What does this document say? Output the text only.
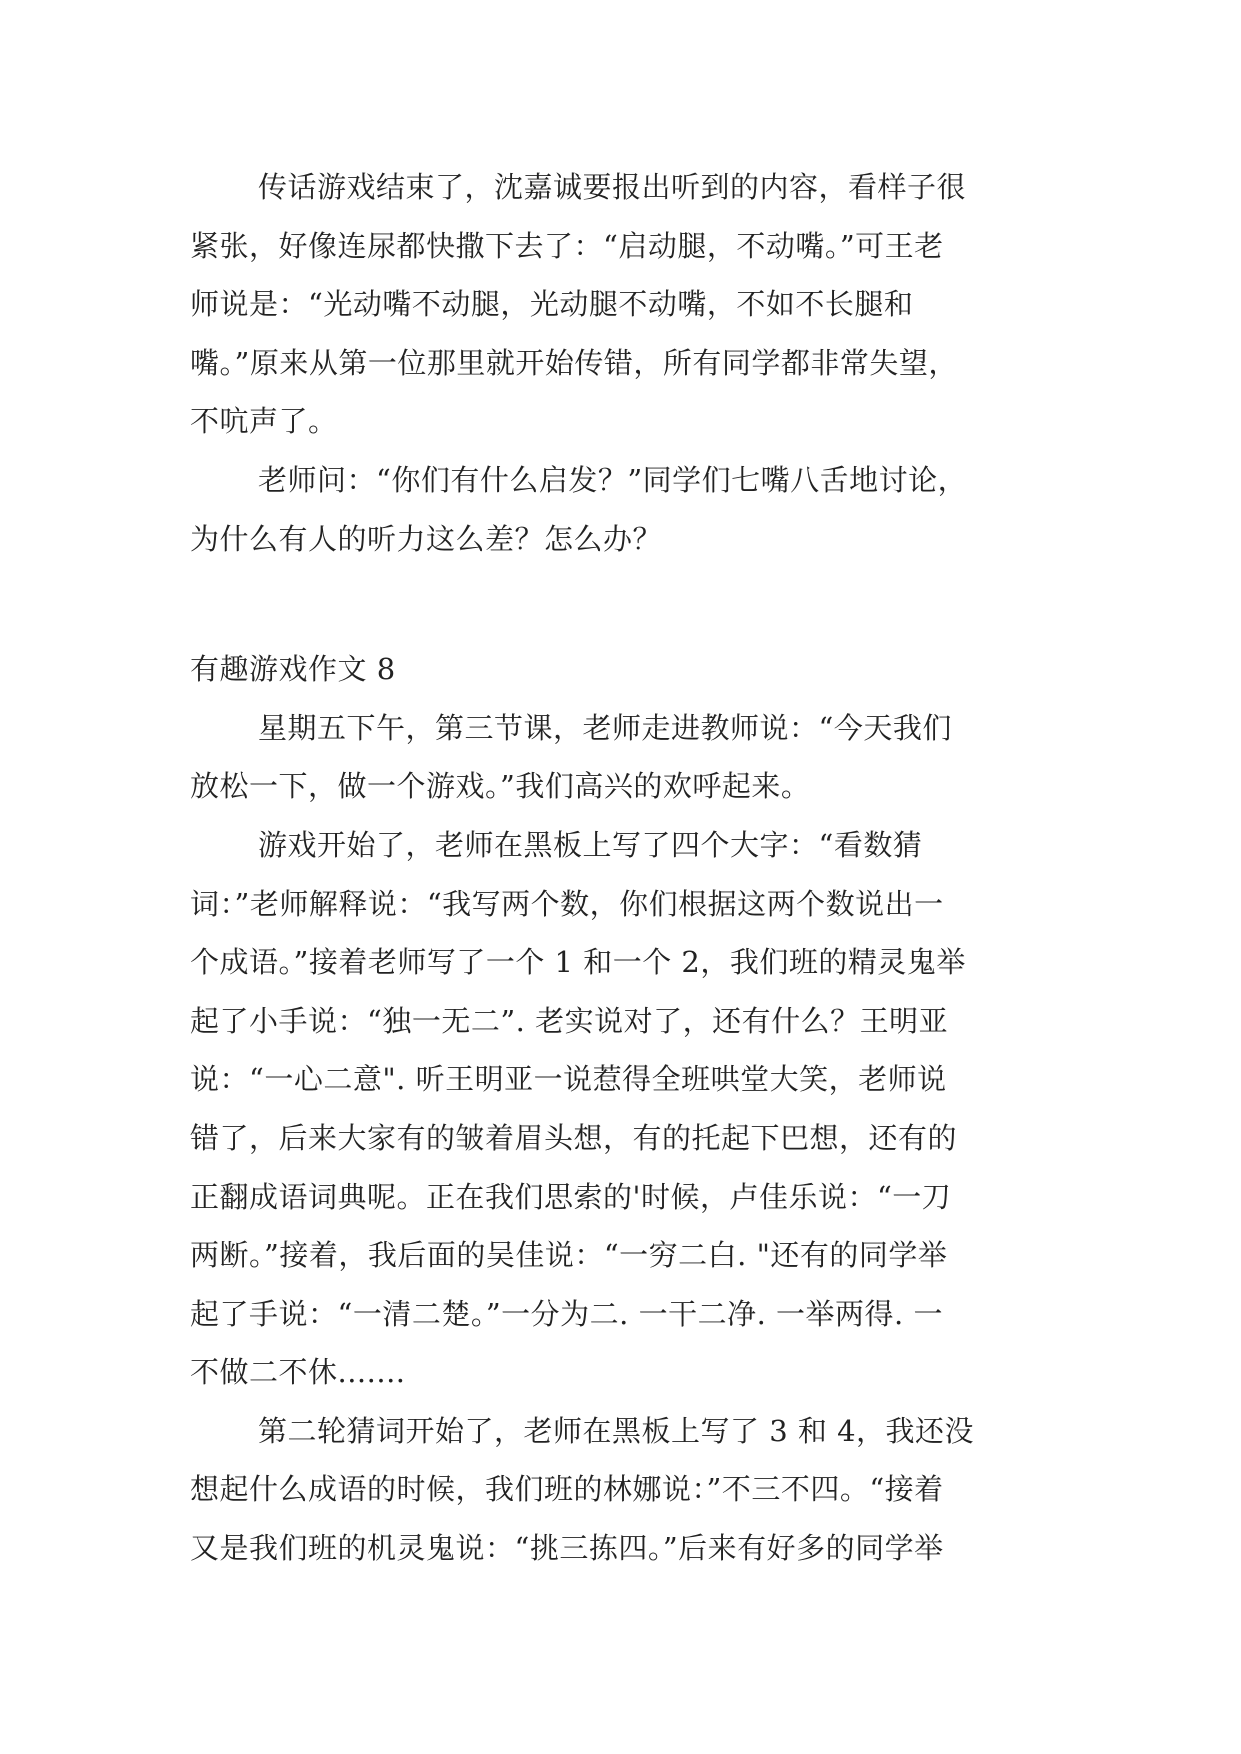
传话游戏结束了，沈嘉诚要报出听到的内容，看样子很
紧张，好像连尿都快撒下去了：“启动腿，不动嘴。”可王老
师说是：“光动嘴不动腿，光动腿不动嘴，不如不长腿和
嘴。”原来从第一位那里就开始传错，所有同学都非常失望，
不吭声了。
老师问：“你们有什么启发？”同学们七嘴八舌地讨论，
为什么有人的听力这么差？怎么办？
有趣游戏作文 8
星期五下午，第三节课，老师走进教师说：“今天我们
放松一下，做一个游戏。”我们高兴的欢呼起来。
游戏开始了，老师在黑板上写了四个大字：“看数猜
词：”老师解释说：“我写两个数，你们根据这两个数说出一
个成语。”接着老师写了一个 1 和一个 2，我们班的精灵鬼举
起了小手说：“独一无二”. 老实说对了，还有什么？王明亚
说：“一心二意". 听王明亚一说惹得全班哄堂大笑，老师说
错了，后来大家有的皱着眉头想，有的托起下巴想，还有的
正翻成语词典呢。正在我们思索的'时候，卢佳乐说：“一刀
两断。”接着，我后面的吴佳说：“一穷二白. "还有的同学举
起了手说：“一清二楚。”一分为二. 一干二净. 一举两得. 一
不做二不休.......
第二轮猜词开始了，老师在黑板上写了 3 和 4，我还没
想起什么成语的时候，我们班的林娜说：”不三不四。“接着
又是我们班的机灵鬼说：“挑三拣四。”后来有好多的同学举
